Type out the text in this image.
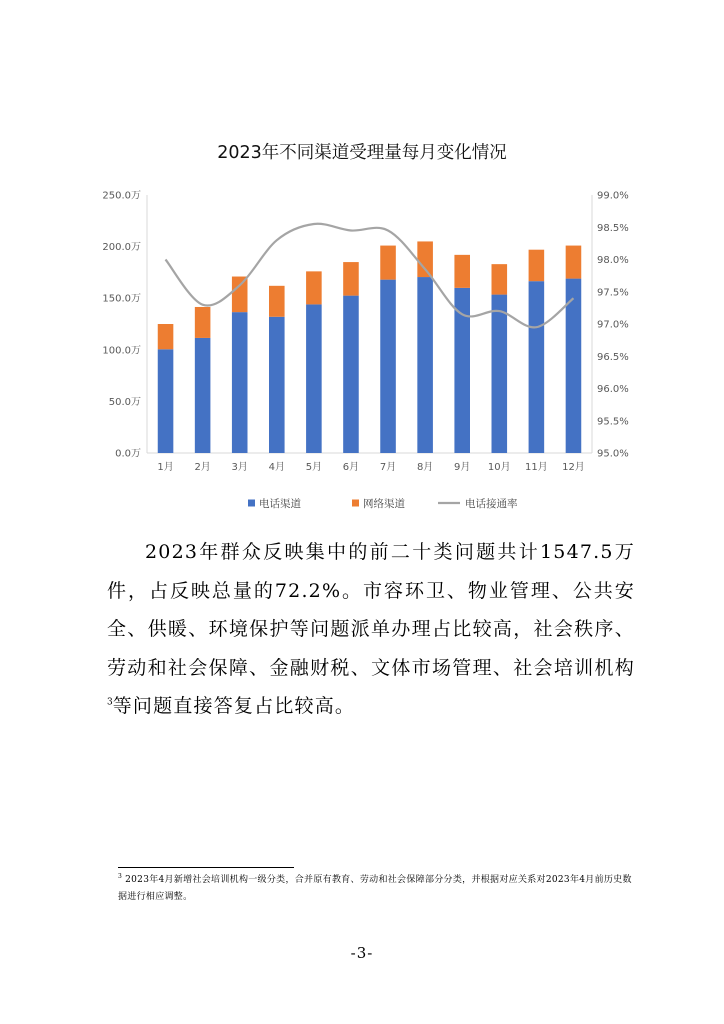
2023年不同渠道受理量每月变化情况
0.0万
50.0万
100.0万
150.0万
200.0万
250.0万
95.0%
95.5%
96.0%
96.5%
97.0%
97.5%
98.0%
98.5%
99.0%
1月 2月 3月 4月 5月 6月 7月 8月 9月 10月 11月 12月
电话渠道	网络渠道	电话接通率

2023年群众反映集中的前二十类问题共计1547.5万件，占反映总量的72.2%。市容环卫、物业管理、公共安全、供暖、环境保护等问题派单办理占比较高，社会秩序、劳动和社会保障、金融财税、文体市场管理、社会培训机构$^3$等问题直接答复占比较高。

$^3$ 2023年4月新增社会培训机构一级分类，合并原有教育、劳动和社会保障部分分类，并根据对应关系对2023年4月前历史数据进行相应调整。

-3-
